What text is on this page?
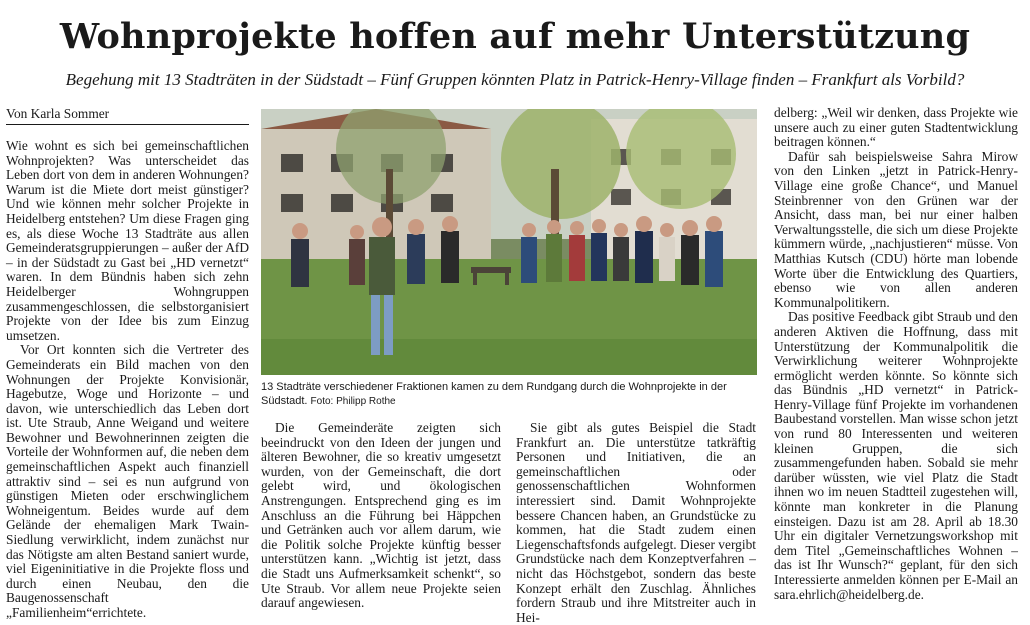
Wohnprojekte hoffen auf mehr Unterstützung
Begehung mit 13 Stadträten in der Südstadt – Fünf Gruppen könnten Platz in Patrick-Henry-Village finden – Frankfurt als Vorbild?
Von Karla Sommer

Wie wohnt es sich bei gemeinschaftlichen Wohnprojekten? Was unterscheidet das Leben dort von dem in anderen Wohnungen? Warum ist die Miete dort meist günstiger? Und wie können mehr solcher Projekte in Heidelberg entstehen? Um diese Fragen ging es, als diese Woche 13 Stadträte aus allen Gemeinderatsgruppierungen – außer der AfD – in der Südstadt zu Gast bei „HD vernetzt“ waren. In dem Bündnis haben sich zehn Heidelberger Wohngruppen zusammengeschlossen, die selbstorganisiert Projekte von der Idee bis zum Einzug umsetzen.

Vor Ort konnten sich die Vertreter des Gemeinderats ein Bild machen von den Wohnungen der Projekte Konvisionär, Hagebutze, Woge und Horizonte – und davon, wie unterschiedlich das Leben dort ist. Ute Straub, Anne Weigand und weitere Bewohner und Bewohnerinnen zeigten die Vorteile der Wohnformen auf, die neben dem gemeinschaftlichen Aspekt auch finanziell attraktiv sind – sei es nun aufgrund von günstigen Mieten oder erschwinglichem Wohneigentum. Beides wurde auf dem Gelände der ehemaligen Mark Twain-Siedlung verwirklicht, indem zunächst nur das Nötigste am alten Bestand saniert wurde, viel Eigeninitiative in die Projekte floss und durch einen Neubau, den die Baugenossenschaft „Familienheim“errichtete.

13 Stadträte verschiedener Fraktionen kamen zu dem Rundgang durch die Wohnprojekte in der Südstadt. Foto: Philipp Rothe

Die Gemeinderäte zeigten sich beeindruckt von den Ideen der jungen und älteren Bewohner, die so kreativ umgesetzt wurden, von der Gemeinschaft, die dort gelebt wird, und ökologischen Anstrengungen. Entsprechend ging es im Anschluss an die Führung bei Häppchen und Getränken auch vor allem darum, wie die Politik solche Projekte künftig besser unterstützen kann. „Wichtig ist jetzt, dass die Stadt uns Aufmerksamkeit schenkt“, so Ute Straub. Vor allem neue Projekte seien darauf angewiesen.

Sie gibt als gutes Beispiel die Stadt Frankfurt an. Die unterstütze tatkräftig Personen und Initiativen, die an gemeinschaftlichen oder genossenschaftlichen Wohnformen interessiert sind. Damit Wohnprojekte bessere Chancen haben, an Grundstücke zu kommen, hat die Stadt zudem einen Liegenschaftsfonds aufgelegt. Dieser vergibt Grundstücke nach dem Konzeptverfahren – nicht das Höchstgebot, sondern das beste Konzept erhält den Zuschlag. Ähnliches fordern Straub und ihre Mitstreiter auch in Hei-

delberg: „Weil wir denken, dass Projekte wie unsere auch zu einer guten Stadtentwicklung beitragen können.“

Dafür sah beispielsweise Sahra Mirow von den Linken „jetzt in Patrick-Henry-Village eine große Chance“, und Manuel Steinbrenner von den Grünen war der Ansicht, dass man, bei nur einer halben Verwaltungsstelle, die sich um diese Projekte kümmern würde, „nachjustieren“ müsse. Von Matthias Kutsch (CDU) hörte man lobende Worte über die Entwicklung des Quartiers, ebenso wie von allen anderen Kommunalpolitikern.

Das positive Feedback gibt Straub und den anderen Aktiven die Hoffnung, dass mit Unterstützung der Kommunalpolitik die Verwirklichung weiterer Wohnprojekte ermöglicht werden könnte. So könnte sich das Bündnis „HD vernetzt“ in Patrick-Henry-Village fünf Projekte im vorhandenen Baubestand vorstellen. Man wisse schon jetzt von rund 80 Interessenten und weiteren kleinen Gruppen, die sich zusammengefunden haben. Sobald sie mehr darüber wüssten, wie viel Platz die Stadt ihnen wo im neuen Stadtteil zugestehen will, könnte man konkreter in die Planung einsteigen. Dazu ist am 28. April ab 18.30 Uhr ein digitaler Vernetzungsworkshop mit dem Titel „Gemeinschaftliches Wohnen – das ist Ihr Wunsch?“ geplant, für den sich Interessierte anmelden können per E-Mail an sara.ehrlich@heidelberg.de.
